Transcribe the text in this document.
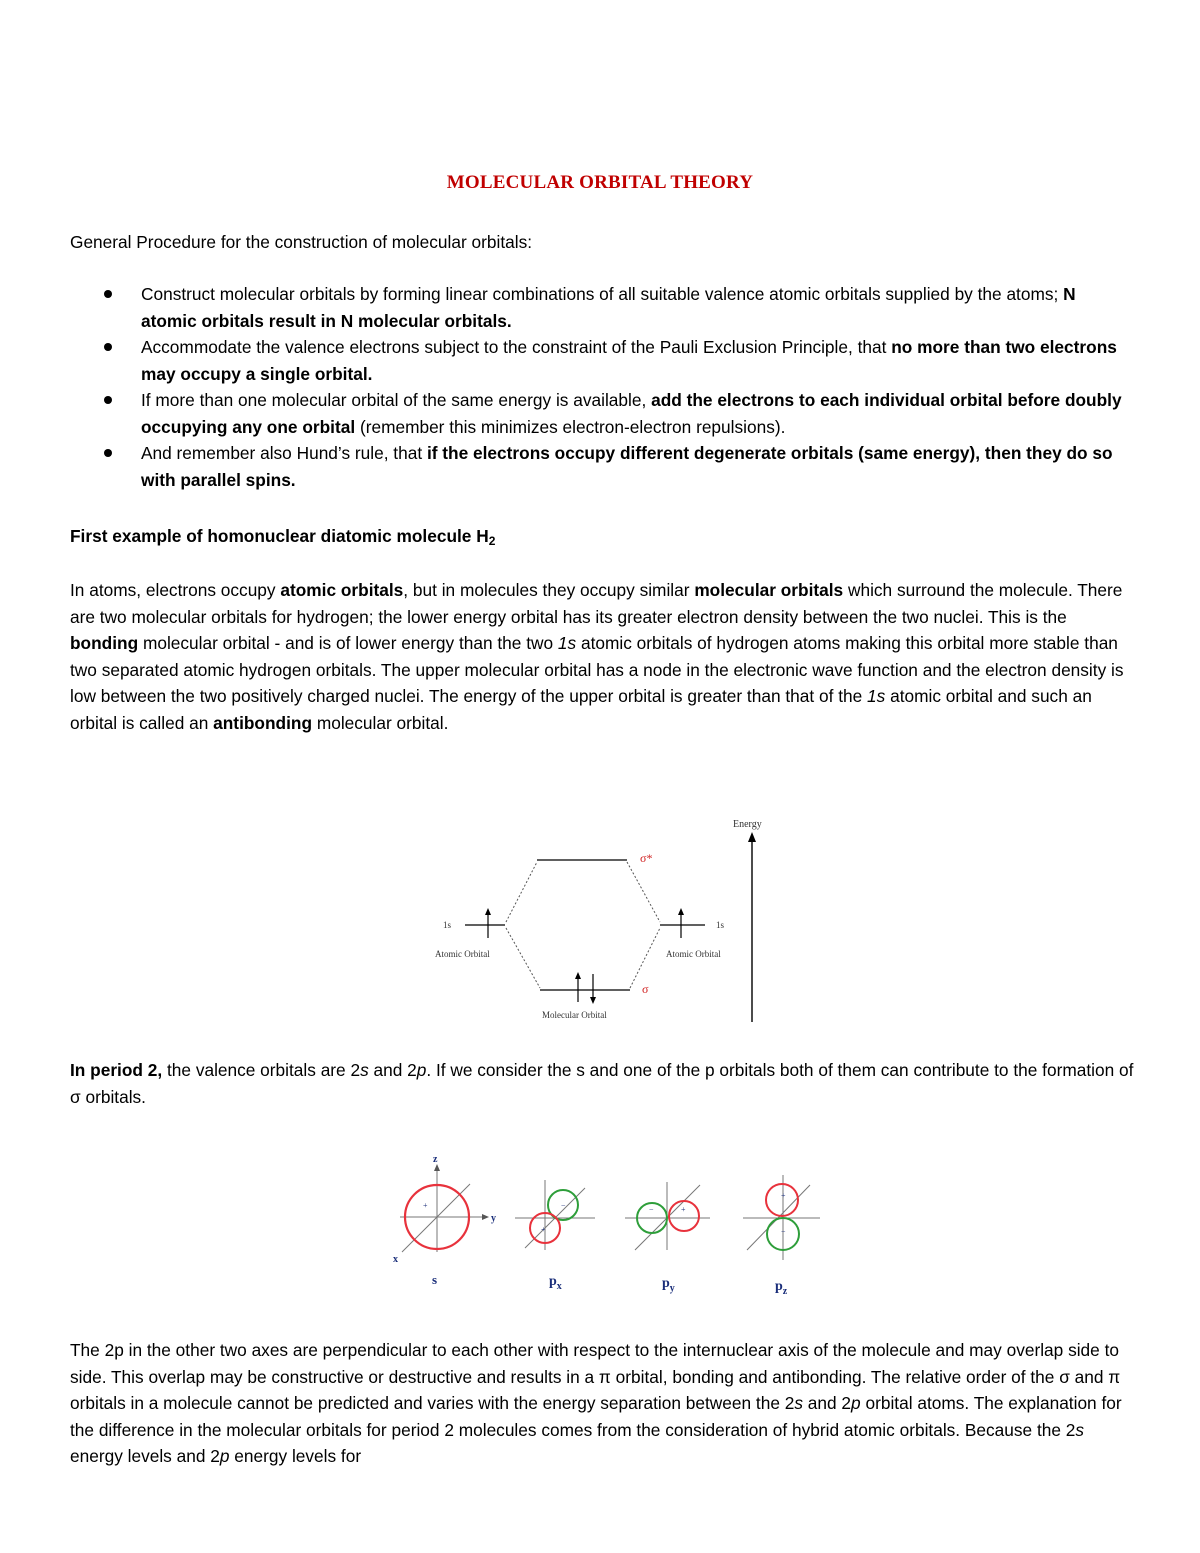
MOLECULAR ORBITAL THEORY
General Procedure for the construction of molecular orbitals:
Construct molecular orbitals by forming linear combinations of all suitable valence atomic orbitals supplied by the atoms; N atomic orbitals result in N molecular orbitals.
Accommodate the valence electrons subject to the constraint of the Pauli Exclusion Principle, that no more than two electrons may occupy a single orbital.
If more than one molecular orbital of the same energy is available, add the electrons to each individual orbital before doubly occupying any one orbital (remember this minimizes electron-electron repulsions).
And remember also Hund’s rule, that if the electrons occupy different degenerate orbitals (same energy), then they do so with parallel spins.
First example of homonuclear diatomic molecule $H_2$
In atoms, electrons occupy atomic orbitals, but in molecules they occupy similar molecular orbitals which surround the molecule. There are two molecular orbitals for hydrogen; the lower energy orbital has its greater electron density between the two nuclei. This is the bonding molecular orbital - and is of lower energy than the two 1s atomic orbitals of hydrogen atoms making this orbital more stable than two separated atomic hydrogen orbitals. The upper molecular orbital has a node in the electronic wave function and the electron density is low between the two positively charged nuclei. The energy of the upper orbital is greater than that of the 1s atomic orbital and such an orbital is called an antibonding molecular orbital.
Energy
σ*
1s
Atomic Orbital
1s
Atomic Orbital
σ
Molecular Orbital
In period 2, the valence orbitals are 2s and 2p. If we consider the s and one of the p orbitals both of them can contribute to the formation of σ orbitals.
z
y
x
+
s
−
+
$p_x$
−	+
$p_y$
+
−
$p_z$
The 2p in the other two axes are perpendicular to each other with respect to the internuclear axis of the molecule and may overlap side to side. This overlap may be constructive or destructive and results in a π orbital, bonding and antibonding. The relative order of the σ and π orbitals in a molecule cannot be predicted and varies with the energy separation between the 2s and 2p orbital atoms. The explanation for the difference in the molecular orbitals for period 2 molecules comes from the consideration of hybrid atomic orbitals. Because the 2s energy levels and 2p energy levels for
